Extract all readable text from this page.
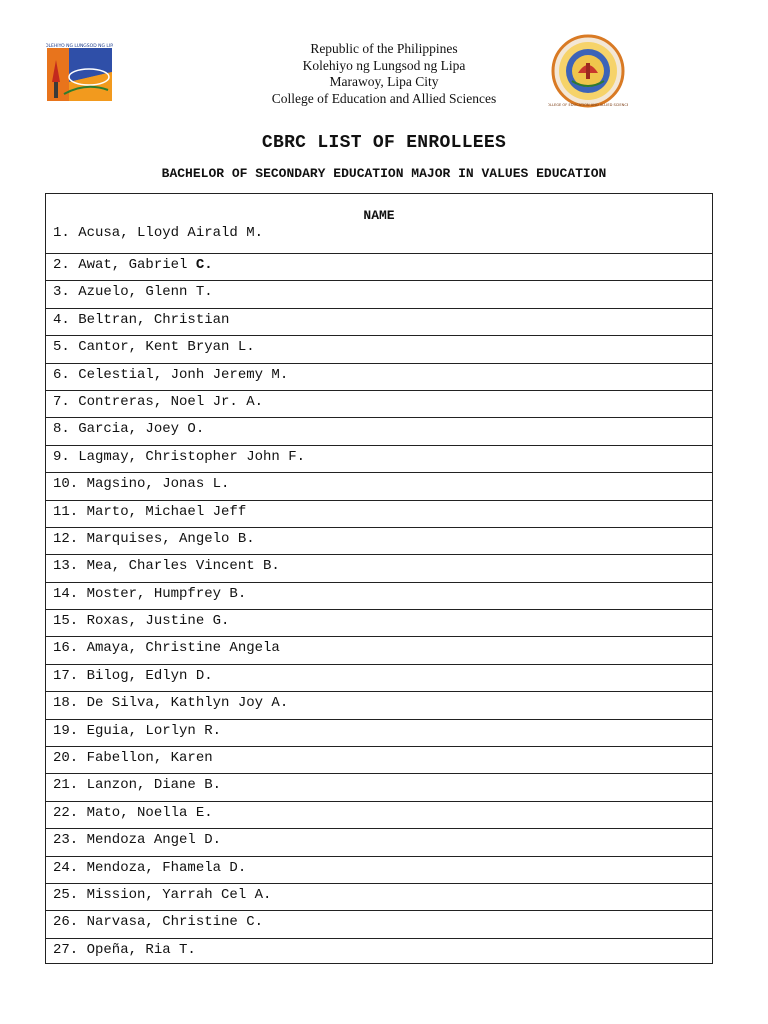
KOLEHIYO NG LUNGSOD NG LIPA	Republic of the Philippines
Kolehiyo ng Lungsod ng Lipa
Marawoy, Lipa City
College of Education and Allied Sciences	COLLEGE OF EDUCATION AND ALLIED SCIENCES
CBRC LIST OF ENROLLEES
BACHELOR OF SECONDARY EDUCATION MAJOR IN VALUES EDUCATION
NAME
1. Acusa, Lloyd Airald M.
2. Awat, Gabriel C.
3. Azuelo, Glenn T.
4. Beltran, Christian
5. Cantor, Kent Bryan L.
6. Celestial, Jonh Jeremy M.
7. Contreras, Noel Jr. A.
8. Garcia, Joey O.
9. Lagmay, Christopher John F.
10. Magsino, Jonas L.
11. Marto, Michael Jeff
12. Marquises, Angelo B.
13. Mea, Charles Vincent B.
14. Moster, Humpfrey B.
15. Roxas, Justine G.
16. Amaya, Christine Angela
17. Bilog, Edlyn D.
18. De Silva, Kathlyn Joy A.
19. Eguia, Lorlyn R.
20. Fabellon, Karen
21. Lanzon, Diane B.
22. Mato, Noella E.
23. Mendoza Angel D.
24. Mendoza, Fhamela D.
25. Mission, Yarrah Cel A.
26. Narvasa, Christine C.
27. Opeña, Ria T.
